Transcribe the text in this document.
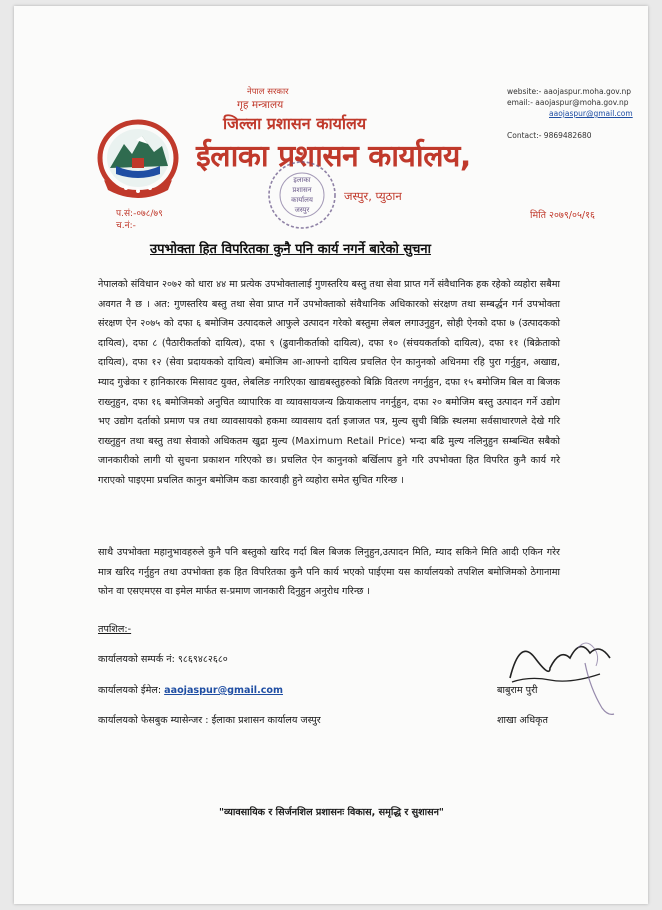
नेपाल सरकार
गृह मन्त्रालय
जिल्ला प्रशासन कार्यालय
ईलाका प्रशासन कार्यालय,
जस्पुर, प्युठान
website:- aaojaspur.moha.gov.np
email:- aaojaspur@moha.gov.np
aaojaspur@gmail.com
Contact:- 9869482680
इलाका
प्रशासन
कार्यालय
जस्पुर
प.सं:-०७८/७९
च.नं:-
मिति २०७९/०५/१६
उपभोक्ता हित विपरितका कुनै पनि कार्य नगर्ने बारेको सुचना
नेपालको संविधान २०७२ को धारा ४४ मा प्रत्येक उपभोक्तालाई गुणस्तरिय बस्तु तथा सेवा प्राप्त गर्ने संवैधानिक हक रहेको व्यहोरा सबैमा अवगत नै छ । अत: गुणस्तरिय बस्तु तथा सेवा प्राप्त गर्ने उपभोक्ताको संवैधानिक अधिकारको संरक्षण तथा सम्बर्द्धन गर्न उपभोक्ता संरक्षण ऐन २०७५ को दफा ६ बमोजिम उत्पादकले आफुले उत्पादन गरेको बस्तुमा लेबल लगाउनुहुन, सोही ऐनको दफा ७ (उत्पादकको दायित्व), दफा ८ (पैठारीकर्ताको दायित्व), दफा ९ (ढुवानीकर्ताको दायित्व), दफा १० (संचयकर्ताको दायित्व), दफा ११ (बिक्रेताको दायित्व), दफा १२ (सेवा प्रदायकको दायित्व) बमोजिम आ-आफ्नो दायित्व प्रचलित ऐन कानुनको अधिनमा रहि पुरा गर्नुहुन, अखाद्य, म्याद गुज्रेका र हानिकारक मिसावट युक्त, लेबलिङ नगरिएका खाद्यबस्तुहरुको बिक्रि वितरण नगर्नुहुन, दफा १५ बमोजिम बिल वा बिजक राख्नुहुन, दफा १६ बमोजिमको अनुचित व्यापारिक वा व्यावसायजन्य क्रियाकलाप नगर्नुहुन, दफा २० बमोजिम बस्तु उत्पादन गर्ने उद्योग भए उद्योग दर्ताको प्रमाण पत्र तथा व्यावसायको हकमा व्यावसाय दर्ता इजाजत पत्र, मुल्य सुची बिक्रि स्थलमा सर्वसाधारणले देखे गरि राख्नुहुन तथा बस्तु तथा सेवाको अधिकतम खुद्रा मुल्य (Maximum Retail Price) भन्दा बढि मुल्य नलिनुहुन सम्बन्धित सबैको जानकारीको लागी यो सुचना प्रकाशन गरिएको छ। प्रचलित ऐन कानुनको बर्खिलाप हुने गरि उपभोक्ता हित विपरित कुनै कार्य गरे गराएको पाइएमा प्रचलित कानुन बमोजिम कडा कारवाही हुने व्यहोरा समेत सुचित गरिन्छ ।
साथै उपभोक्ता महानुभावहरुले कुनै पनि बस्तुको खरिद गर्दा बिल बिजक लिनुहुन,उत्पादन मिति, म्याद सकिने मिति आदी एकिन गरेर मात्र खरिद गर्नुहुन तथा उपभोक्ता हक हित विपरितका कुनै पनि कार्य भएको पाईएमा यस कार्यालयको तपशिल बमोजिमको ठेगानामा फोन वा एसएमएस वा इमेल मार्फत स-प्रमाण जानकारी दिनुहुन अनुरोध गरिन्छ ।
तपशिल:-
कार्यालयको सम्पर्क नं: ९८६९४८२६८०
कार्यालयको ईमेल: aaojaspur@gmail.com
कार्यालयको फेसबुक म्यासेन्जर : ईलाका प्रशासन कार्यालय जस्पुर
बाबुराम पुरी
शाखा अधिकृत
"व्यावसायिक र सिर्जनशिल प्रशासनः विकास, समृद्धि र सुशासन"
